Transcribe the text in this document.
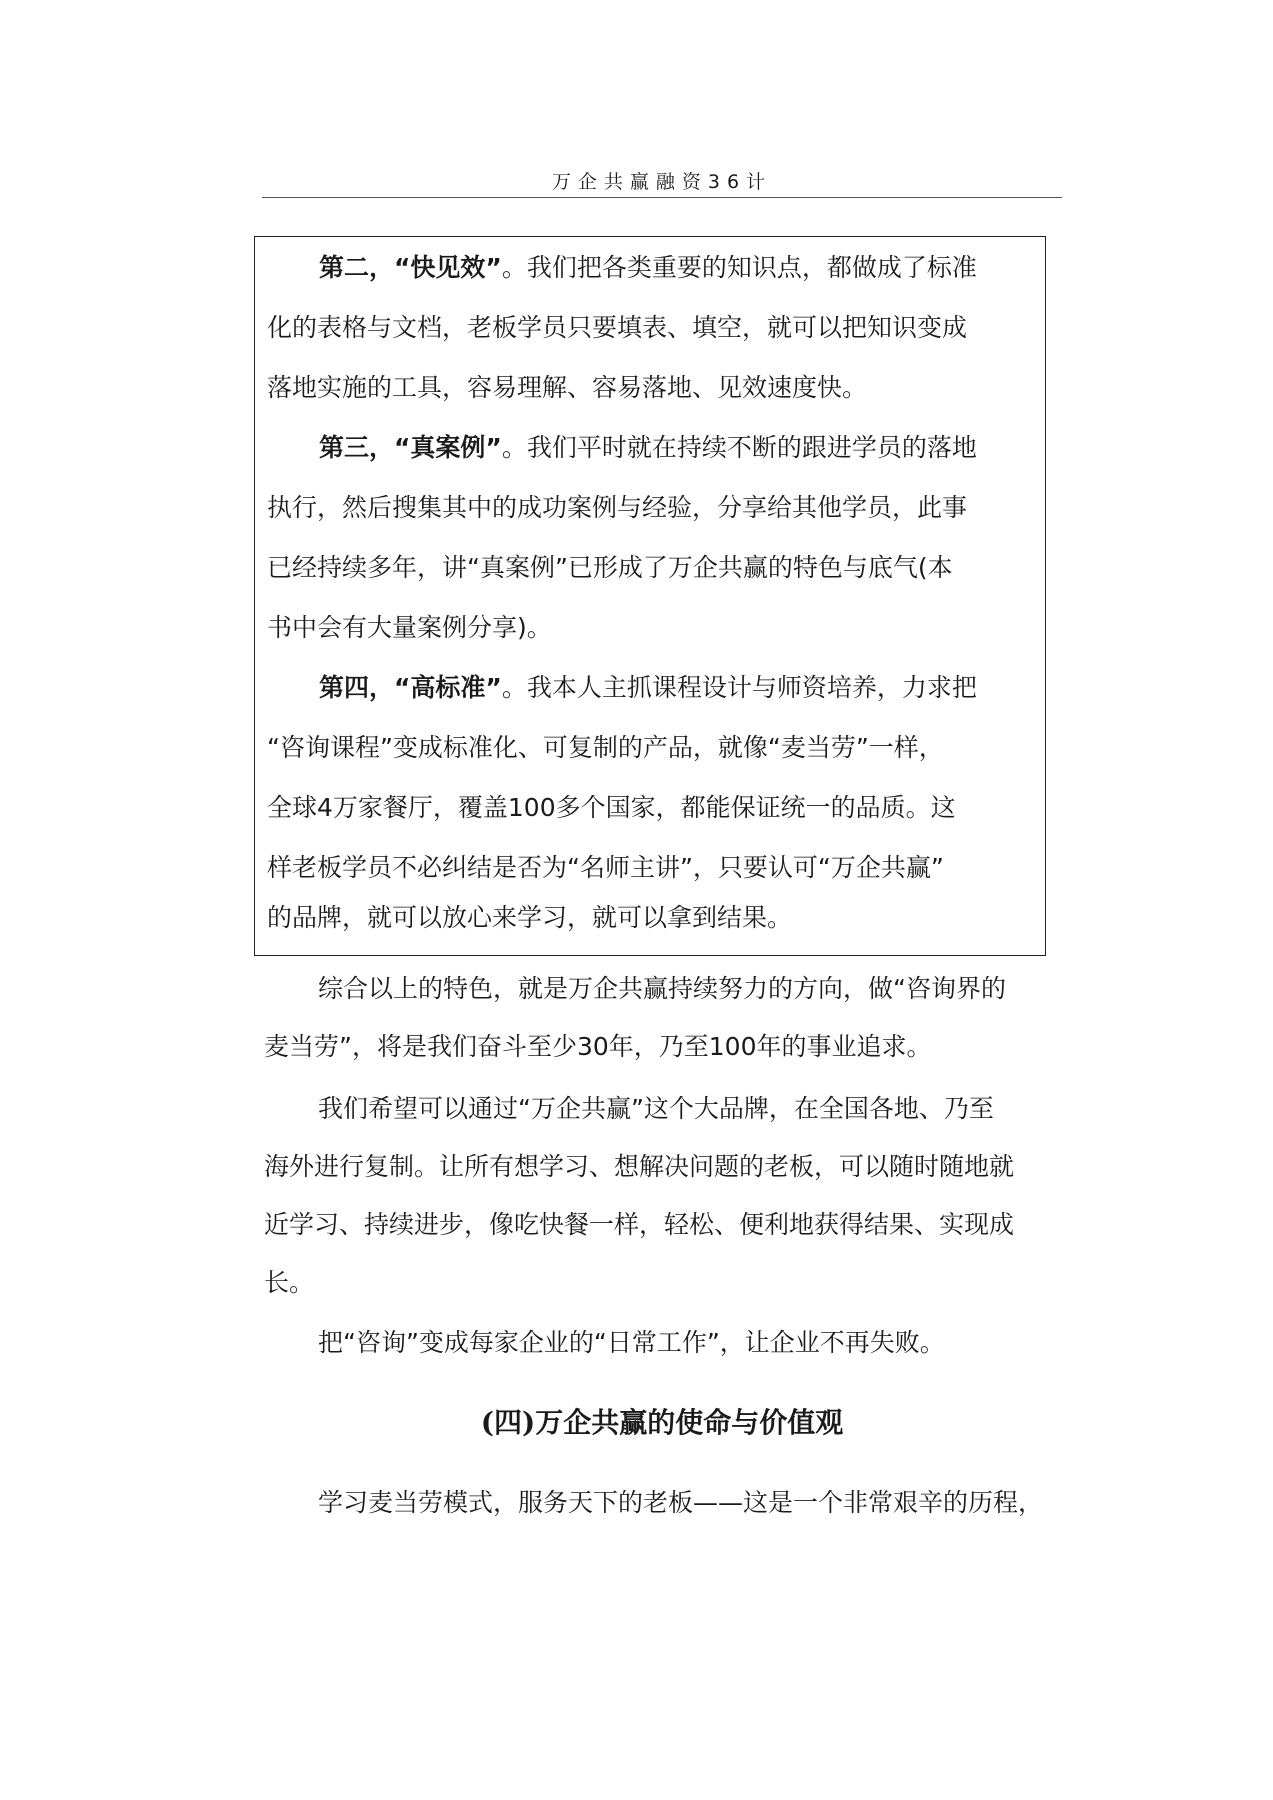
万企共赢融资36计
第二，“快见效”。我们把各类重要的知识点，都做成了标准
化的表格与文档，老板学员只要填表、填空，就可以把知识变成
落地实施的工具，容易理解、容易落地、见效速度快。
第三，“真案例”。我们平时就在持续不断的跟进学员的落地
执行，然后搜集其中的成功案例与经验，分享给其他学员，此事
已经持续多年，讲“真案例”已形成了万企共赢的特色与底气(本
书中会有大量案例分享)。
第四，“高标准”。我本人主抓课程设计与师资培养，力求把
“咨询课程”变成标准化、可复制的产品，就像“麦当劳”一样，
全球4万家餐厅，覆盖100多个国家，都能保证统一的品质。这
样老板学员不必纠结是否为“名师主讲”，只要认可“万企共赢”
的品牌，就可以放心来学习，就可以拿到结果。
综合以上的特色，就是万企共赢持续努力的方向，做“咨询界的
麦当劳”，将是我们奋斗至少30年，乃至100年的事业追求。
我们希望可以通过“万企共赢”这个大品牌，在全国各地、乃至
海外进行复制。让所有想学习、想解决问题的老板，可以随时随地就
近学习、持续进步，像吃快餐一样，轻松、便利地获得结果、实现成
长。
把“咨询”变成每家企业的“日常工作”，让企业不再失败。
(四)万企共赢的使命与价值观
学习麦当劳模式，服务天下的老板——这是一个非常艰辛的历程，
